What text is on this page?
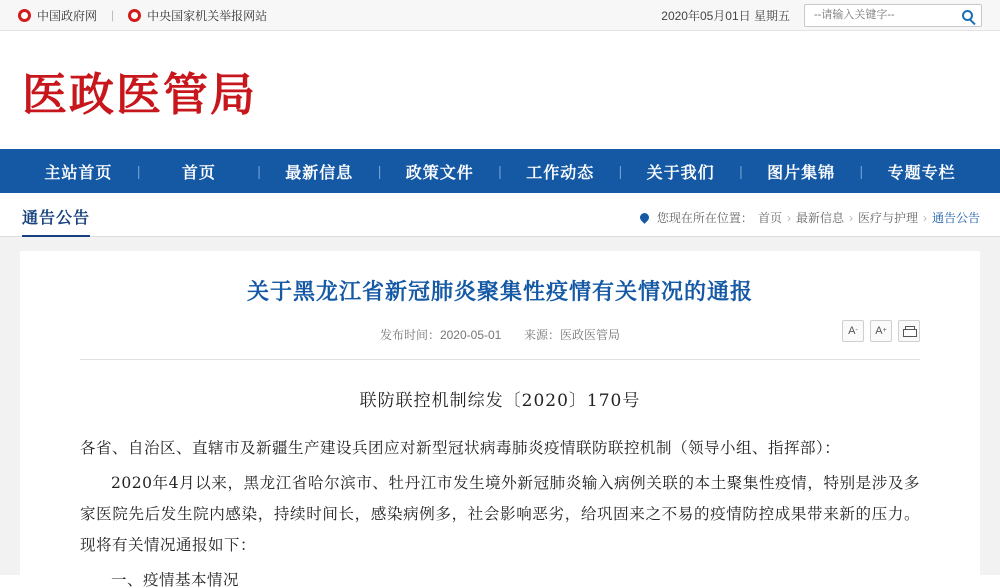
中国政府网 |	中央国家机关举报网站	2020年05月01日 星期五
--请输入关键字--
医政医管局
主站首页	|	首页	|	最新信息	|	政策文件	|	工作动态	|	关于我们	|	图片集锦	|	专题专栏
通告公告	您现在所在位置： 首页 › 最新信息 › 医疗与护理 › 通告公告
关于黑龙江省新冠肺炎聚集性疫情有关情况的通报
发布时间：2020-05-01 来源：医政医管局	A - A +
联防联控机制综发〔2020〕170号
各省、自治区、直辖市及新疆生产建设兵团应对新型冠状病毒肺炎疫情联防联控机制（领导小组、指挥部）：
2020年4月以来，黑龙江省哈尔滨市、牡丹江市发生境外新冠肺炎输入病例关联的本土聚集性疫情，特别是涉及多家医院先后发生院内感染，持续时间长，感染病例多，社会影响恶劣，给巩固来之不易的疫情防控成果带来新的压力。现将有关情况通报如下：
一、疫情基本情况
